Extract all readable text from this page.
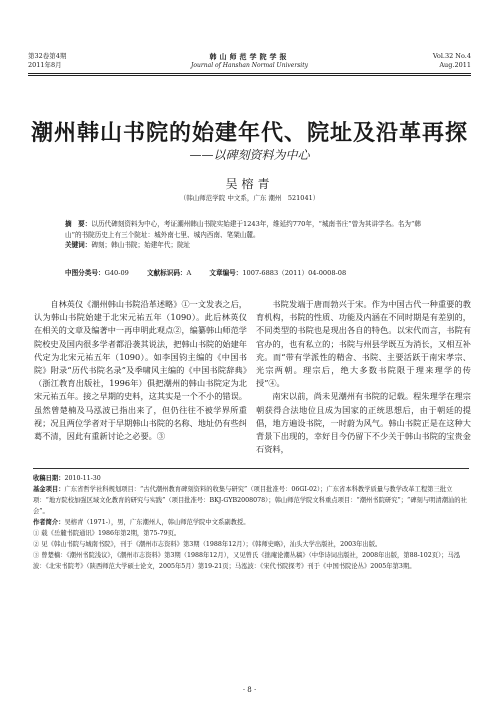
第32卷第4期
2011年8月
韩山师范学院学报
Journal of Hanshan Normal University
Vol.32 No.4
Aug.2011
潮州韩山书院的始建年代、院址及沿革再探
——以碑刻资料为中心
吴榕青
（韩山师范学院 中文系，广东 潮州　521041）
摘　要：以历代碑刻资料为中心，考证潮州韩山书院实始建于1243年，维延约770年，“城南书庄”曾为其讲学名。名为“韩山”的书院历史上有三个院址：城外南七里、城内西南、笔架山麓。
关键词：碑刻；韩山书院；始建年代；院址
中图分类号：G40-09	文献标识码：A	文章编号：1007-6883（2011）04-0008-08

自林英仪《潮州韩山书院沿革述略》①一文发表之后，认为韩山书院始建于北宋元祐五年（1090）。此后林英仪在相关的文章及编著中一再申明此观点②，编纂韩山师范学院校史及国内很多学者都沿袭其说法，把韩山书院的始建年代定为北宋元祐五年（1090）。如李国钧主编的《中国书院》附录“历代书院名录”及季啸风主编的《中国书院辞典》（浙江教育出版社，1996年）俱把潮州的韩山书院定为北宋元祐五年。接之早期的史料，这其实是一个不小的错误。虽然曾楚楠及马泓波已指出来了，但仍往往不被学界所重视；况且两位学者对于早期韩山书院的名称、地址仍有些纠葛不清，因此有重新讨论之必要。③

书院发端于唐而勃兴于宋。作为中国古代一种重要的教育机构，书院的性质、功能及内涵在不同时期是有差别的，不同类型的书院也是现出各自的特色。以宋代而言，书院有官办的，也有私立的；书院与州县学既互为消长，又相互补充。而“带有学派性的精舍、书院、主要活跃于南宋孝宗、光宗两朝。理宗后，绝大多数书院限于理来理学的传授”④。

南宋以前，尚未见潮州有书院的记载。程朱理学在理宗朝获得合法地位且成为国家的正统思想后，由于朝廷的提倡，地方遍设书院，一时蔚为风气。韩山书院正是在这种大背景下出现的，幸好目今仍留下不少关于韩山书院的宝贵金石资料，

收稿日期：2010-11-30

基金项目：广东省哲学社科规划项目：“古代潮州教育碑刻资料的收集与研究”（项目批准号：06GI-02）；广东省本科教学质量与教学改革工程第三批立项：“地方院校加强区域文化教育的研究与实践”（项目批准号：BKJ-GYB2008078）；韩山师范学院文科重点项目：“潮州书院研究”；“碑刻与明清潮汕的社会”。

作者简介：吴榕青（1971-），男，广东潮州人，韩山师范学院中文系副教授。

① 载《岳麓书院通讯》1986年第2期，第75-79页。

② 见《韩山书院与城南书院》，刊于《潮州市志资料》第3期（1988年12月）；《韩师史略》，汕头大学出版社，2003年出版。

③ 曾楚楠：《潮州书院浅议》，《潮州市志资料》第3期（1988年12月），又见曾氏《拙庵论潮丛稿》（中华诗词出版社，2008年出版，第88-102页）；马泓波：《北宋书院考》（陕西师范大学硕士论文，2005年5月）第19-21页；马泓波：《宋代书院探考》刊于《中国书院论丛》2005年第3期。

· 8 ·
